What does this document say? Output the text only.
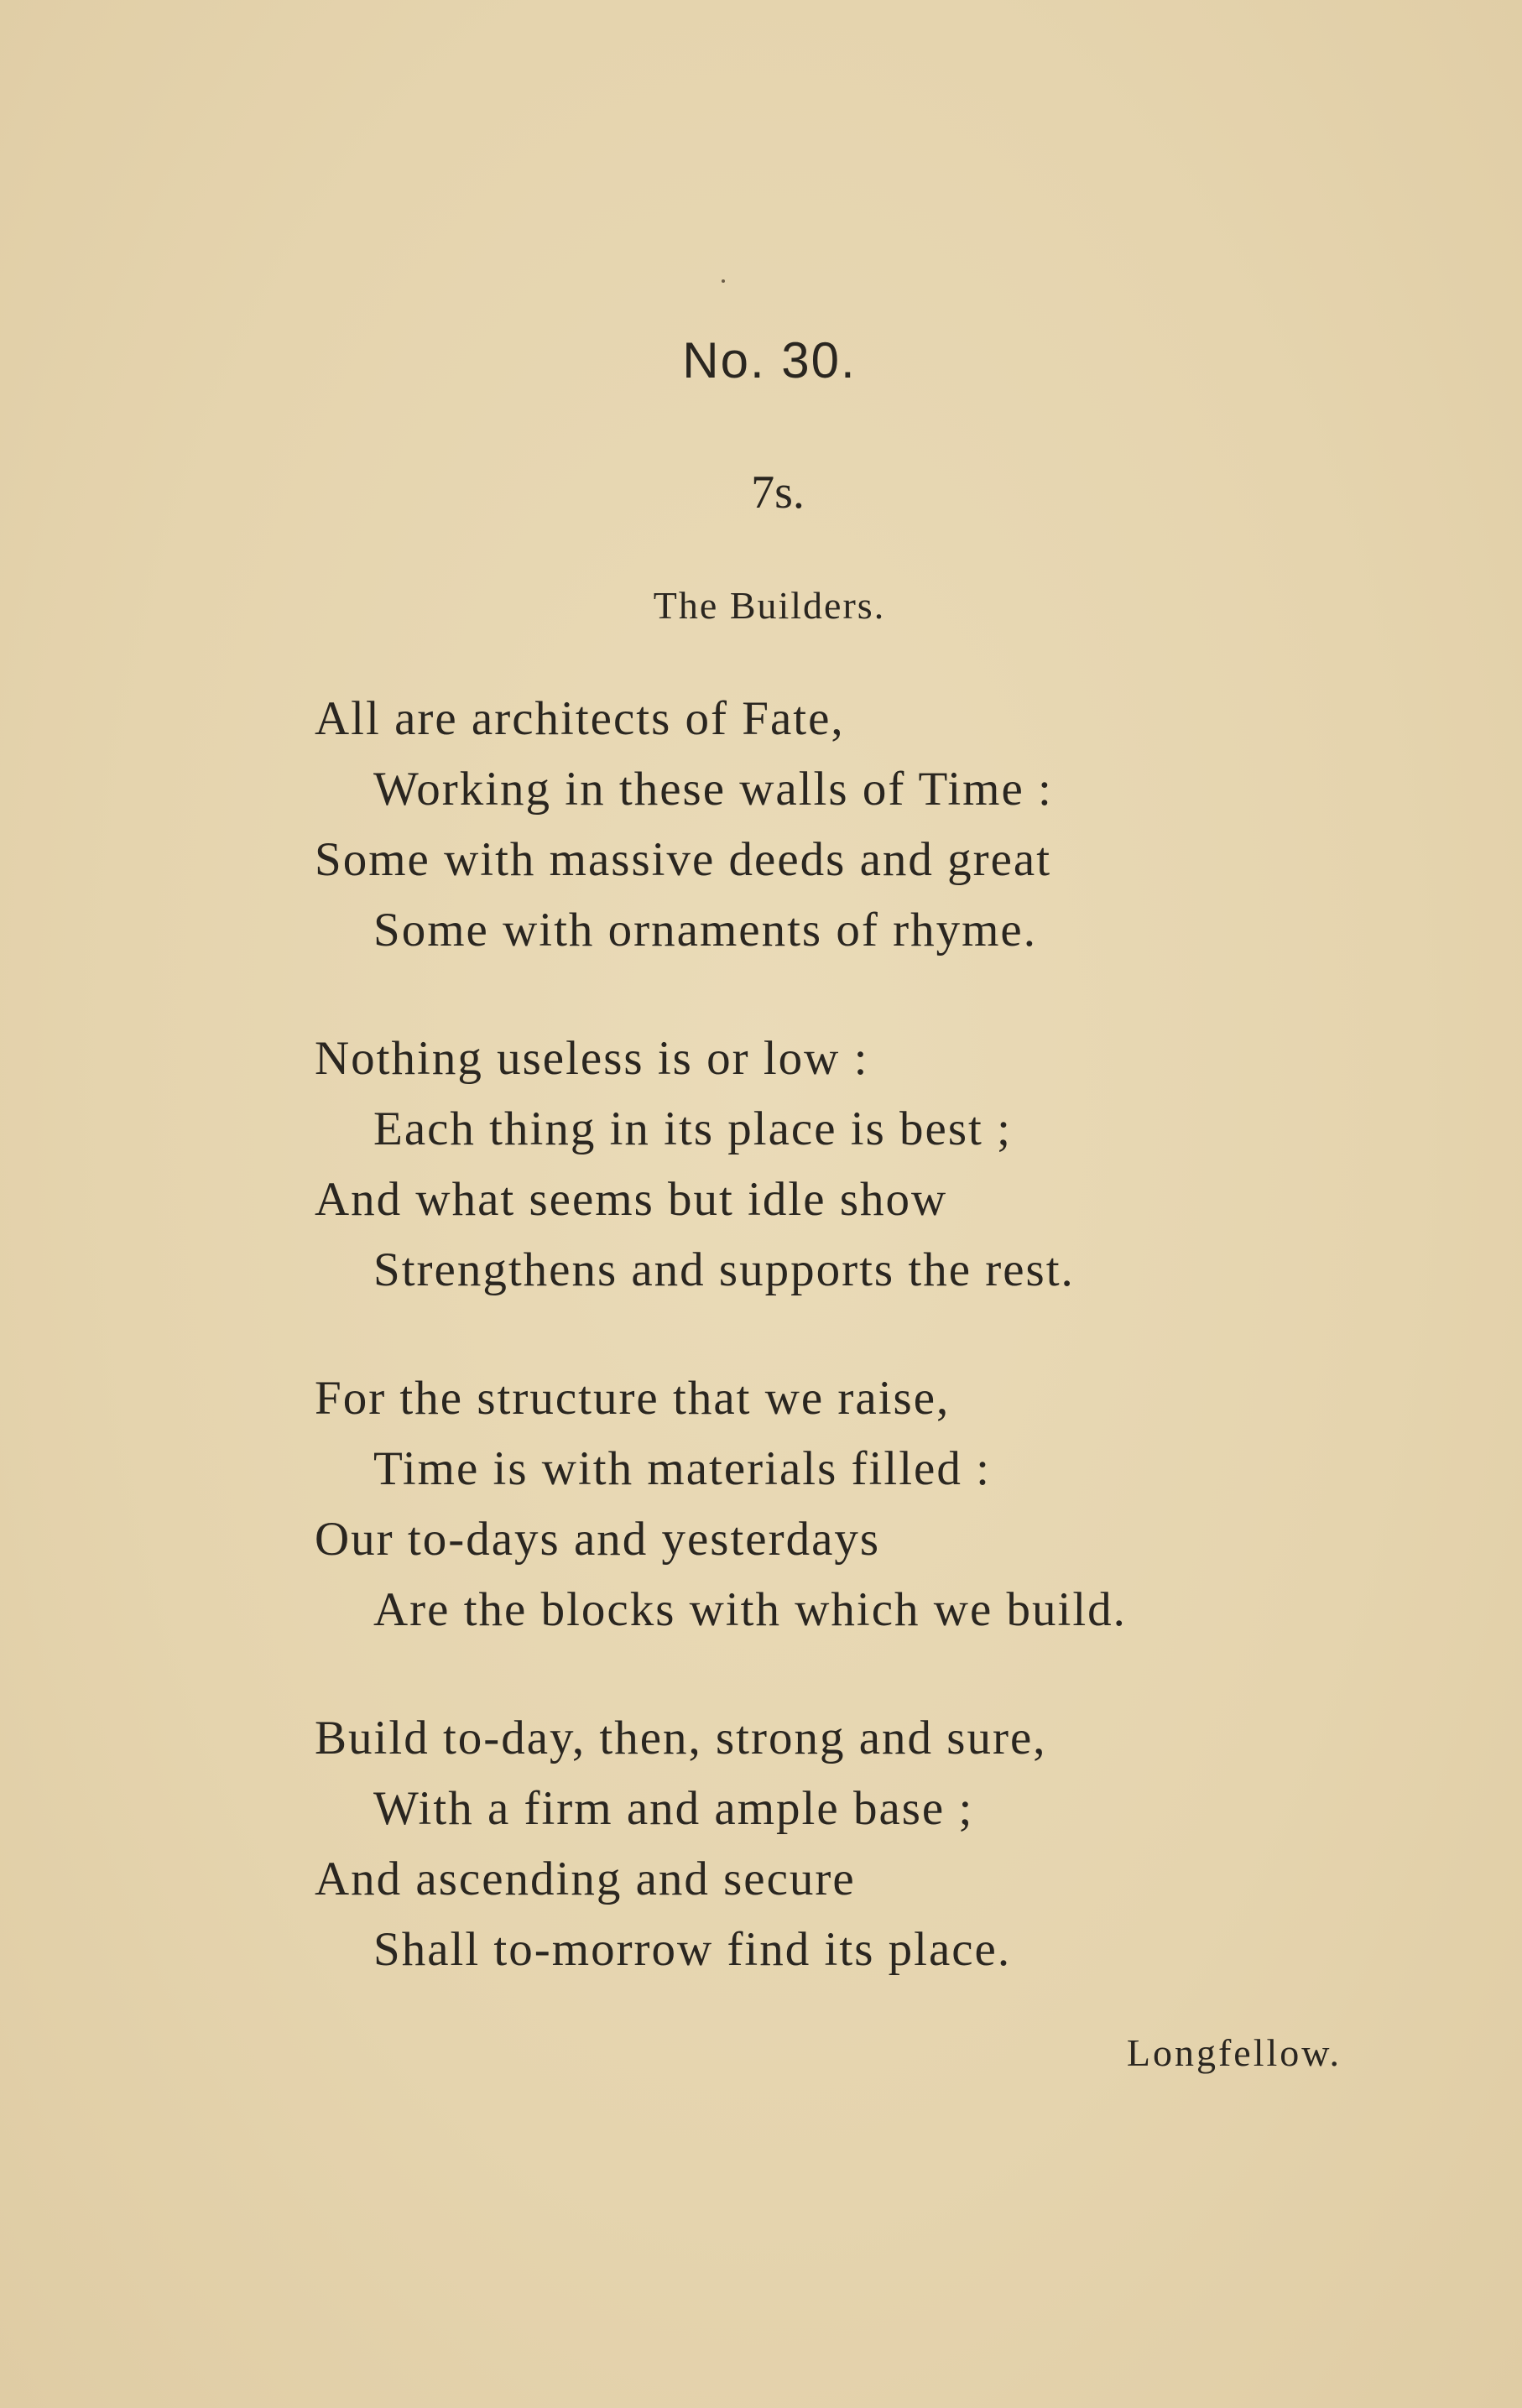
No. 30.
7s.
The Builders.
All are architects of Fate,
Working in these walls of Time :
Some with massive deeds and great
Some with ornaments of rhyme.
Nothing useless is or low :
Each thing in its place is best ;
And what seems but idle show
Strengthens and supports the rest.
For the structure that we raise,
Time is with materials filled :
Our to-days and yesterdays
Are the blocks with which we build.
Build to-day, then, strong and sure,
With a firm and ample base ;
And ascending and secure
Shall to-morrow find its place.
Longfellow.
